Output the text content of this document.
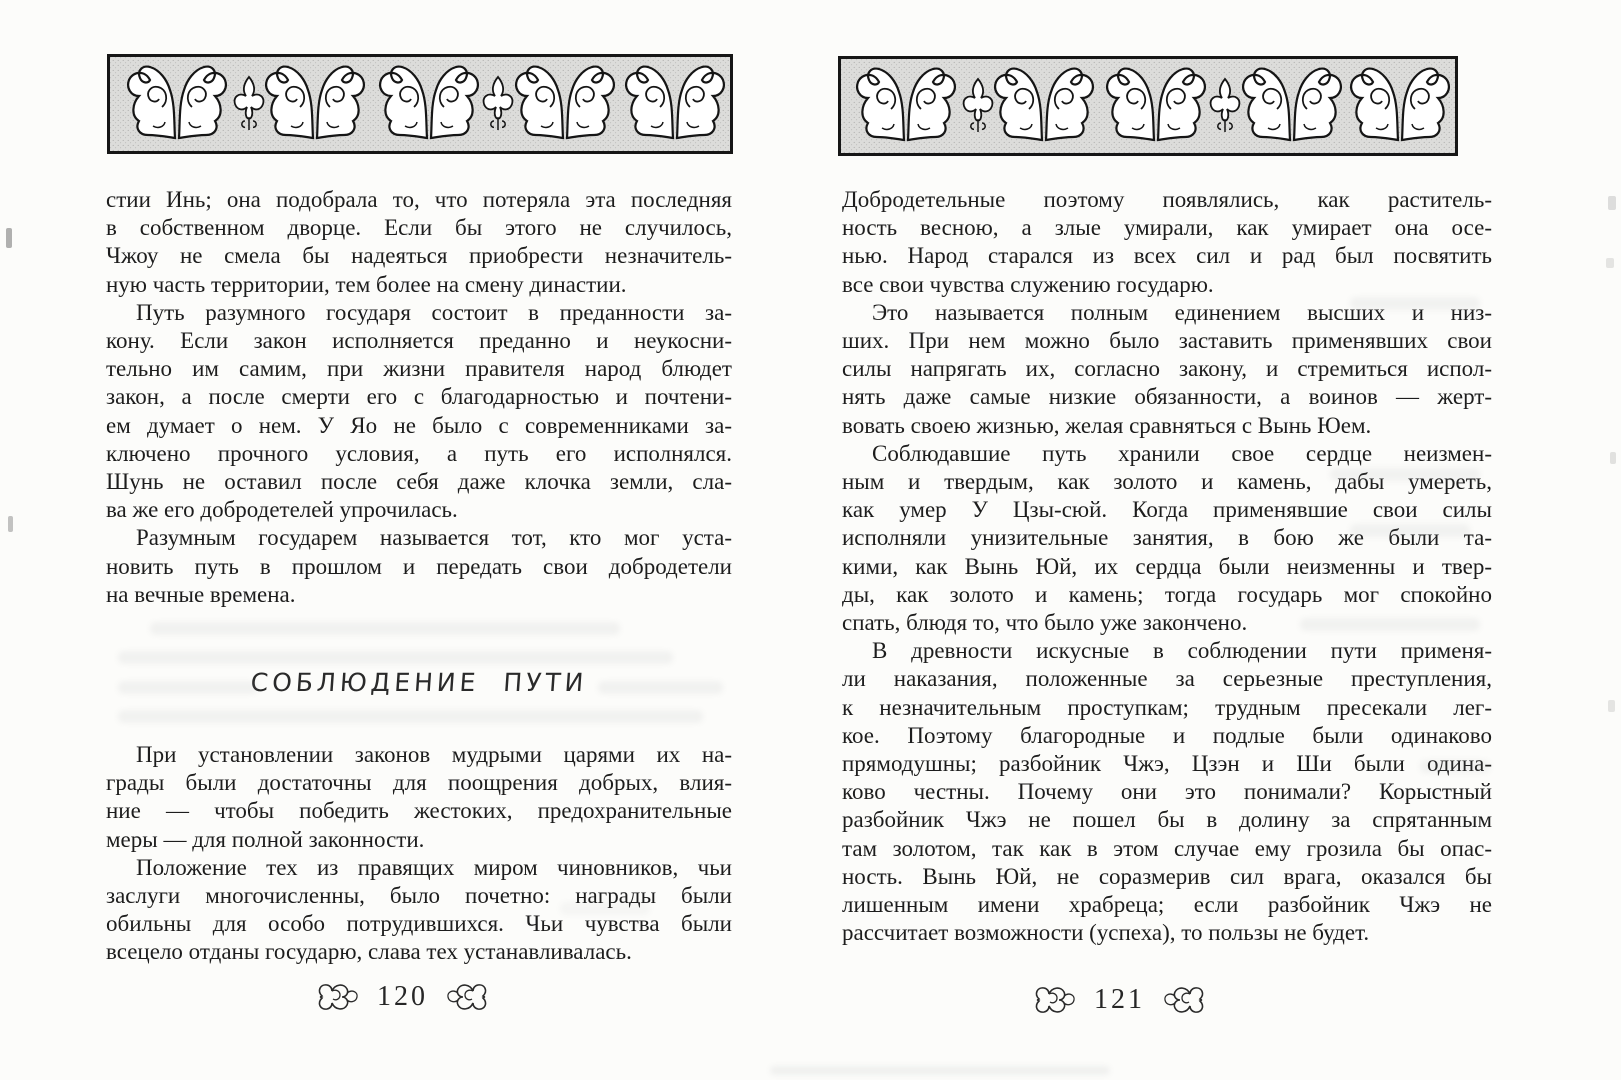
стии Инь; она подобрала то, что потеряла эта последняя
в собственном дворце. Если бы этого не случилось,
Чжоу не смела бы надеяться приобрести незначитель-
ную часть территории, тем более на смену династии.
Путь разумного государя состоит в преданности за-
кону. Если закон исполняется преданно и неукосни-
тельно им самим, при жизни правителя народ блюдет
закон, а после смерти его с благодарностью и почтени-
ем думает о нем. У Яо не было с современниками за-
ключено прочного условия, а путь его исполнялся.
Шунь не оставил после себя даже клочка земли, сла-
ва же его добродетелей упрочилась.
Разумным государем называется тот, кто мог уста-
новить путь в прошлом и передать свои добродетели
на вечные времена.
СОБЛЮДЕНИЕ ПУТИ
При установлении законов мудрыми царями их на-
грады были достаточны для поощрения добрых, влия-
ние — чтобы победить жестоких, предохранительные
меры — для полной законности.
Положение тех из правящих миром чиновников, чьи
заслуги многочисленны, было почетно: награды были
обильны для особо потрудившихся. Чьи чувства были
всецело отданы государю, слава тех устанавливалась.
120
Добродетельные поэтому появлялись, как раститель-
ность весною, а злые умирали, как умирает она осе-
нью. Народ старался из всех сил и рад был посвятить
все свои чувства служению государю.
Это называется полным единением высших и низ-
ших. При нем можно было заставить применявших свои
силы напрягать их, согласно закону, и стремиться испол-
нять даже самые низкие обязанности, а воинов — жерт-
вовать своею жизнью, желая сравняться с Вынь Юем.
Соблюдавшие путь хранили свое сердце неизмен-
ным и твердым, как золото и камень, дабы умереть,
как умер У Цзы-сюй. Когда применявшие свои силы
исполняли унизительные занятия, в бою же были та-
кими, как Вынь Юй, их сердца были неизменны и твер-
ды, как золото и камень; тогда государь мог спокойно
спать, блюдя то, что было уже закончено.
В древности искусные в соблюдении пути применя-
ли наказания, положенные за серьезные преступления,
к незначительным проступкам; трудным пресекали лег-
кое. Поэтому благородные и подлые были одинаково
прямодушны; разбойник Чжэ, Цзэн и Ши были одина-
ково честны. Почему они это понимали? Корыстный
разбойник Чжэ не пошел бы в долину за спрятанным
там золотом, так как в этом случае ему грозила бы опас-
ность. Вынь Юй, не соразмерив сил врага, оказался бы
лишенным имени храбреца; если разбойник Чжэ не
рассчитает возможности (успеха), то пользы не будет.
121
